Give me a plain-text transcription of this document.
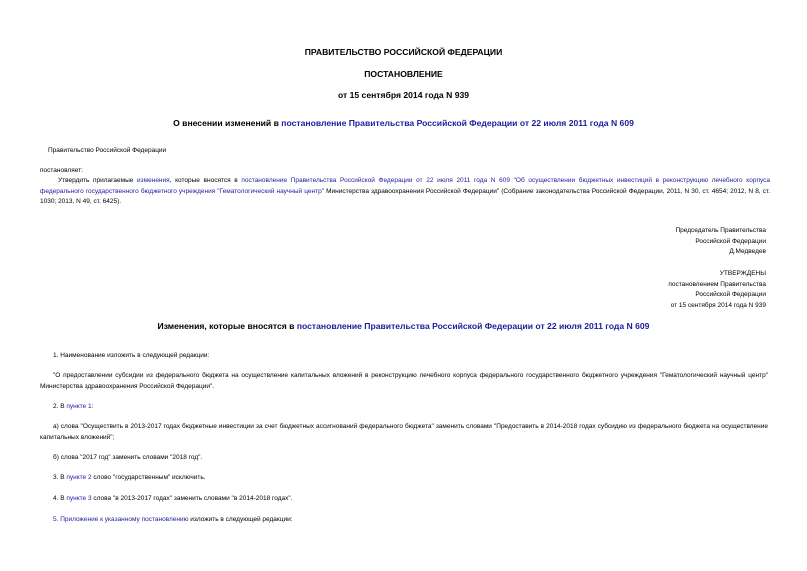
ПРАВИТЕЛЬСТВО РОССИЙСКОЙ ФЕДЕРАЦИИ
ПОСТАНОВЛЕНИЕ
от 15 сентября 2014 года N 939
О внесении изменений в постановление Правительства Российской Федерации от 22 июля 2011 года N 609
Правительство Российской Федерации
постановляет:
Утвердить прилагаемые изменения, которые вносятся в постановление Правительства Российской Федерации от 22 июля 2011 года N 609 "Об осуществлении бюджетных инвестиций в реконструкцию лечебного корпуса федерального государственного бюджетного учреждения "Гематологический научный центр" Министерства здравоохранения Российской Федерации" (Собрание законодательства Российской Федерации, 2011, N 30, ст. 4654; 2012, N 8, ст. 1030; 2013, N 49, ст. 6425).
Председатель Правительства
Российской Федерации
Д.Медведев
УТВЕРЖДЕНЫ
постановлением Правительства
Российской Федерации
от 15 сентября 2014 года N 939
Изменения, которые вносятся в постановление Правительства Российской Федерации от 22 июля 2011 года N 609
1. Наименование изложить в следующей редакции:
"О предоставлении субсидии из федерального бюджета на осуществление капитальных вложений в реконструкцию лечебного корпуса федерального государственного бюджетного учреждения "Гематологический научный центр" Министерства здравоохранения Российской Федерации".
2. В пункте 1:
а) слова "Осуществить в 2013-2017 годах бюджетные инвестиции за счет бюджетных ассигнований федерального бюджета" заменить словами "Предоставить в 2014-2018 годах субсидию из федерального бюджета на осуществление капитальных вложений";
б) слова "2017 год" заменить словами "2018 год".
3. В пункте 2 слово "государственным" исключить.
4. В пункте 3 слова "в 2013-2017 годах" заменить словами "в 2014-2018 годах".
5. Приложение к указанному постановлению изложить в следующей редакции:
